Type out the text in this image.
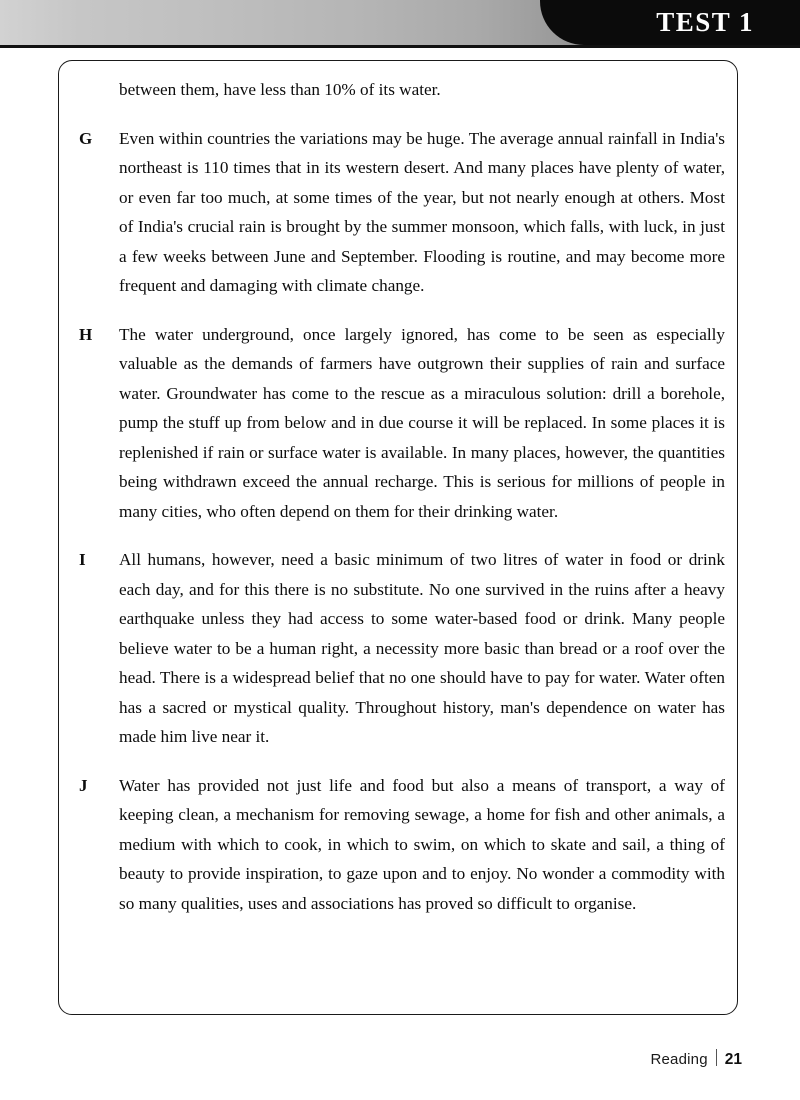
TEST 1
between them, have less than 10% of its water.
G	Even within countries the variations may be huge. The average annual rainfall in India's northeast is 110 times that in its western desert. And many places have plenty of water, or even far too much, at some times of the year, but not nearly enough at others. Most of India's crucial rain is brought by the summer monsoon, which falls, with luck, in just a few weeks between June and September. Flooding is routine, and may become more frequent and damaging with climate change.
H	The water underground, once largely ignored, has come to be seen as especially valuable as the demands of farmers have outgrown their supplies of rain and surface water. Groundwater has come to the rescue as a miraculous solution: drill a borehole, pump the stuff up from below and in due course it will be replaced. In some places it is replenished if rain or surface water is available. In many places, however, the quantities being withdrawn exceed the annual recharge. This is serious for millions of people in many cities, who often depend on them for their drinking water.
I	All humans, however, need a basic minimum of two litres of water in food or drink each day, and for this there is no substitute. No one survived in the ruins after a heavy earthquake unless they had access to some water-based food or drink. Many people believe water to be a human right, a necessity more basic than bread or a roof over the head. There is a widespread belief that no one should have to pay for water. Water often has a sacred or mystical quality. Throughout history, man's dependence on water has made him live near it.
J	Water has provided not just life and food but also a means of transport, a way of keeping clean, a mechanism for removing sewage, a home for fish and other animals, a medium with which to cook, in which to swim, on which to skate and sail, a thing of beauty to provide inspiration, to gaze upon and to enjoy. No wonder a commodity with so many qualities, uses and associations has proved so difficult to organise.
Reading 21
